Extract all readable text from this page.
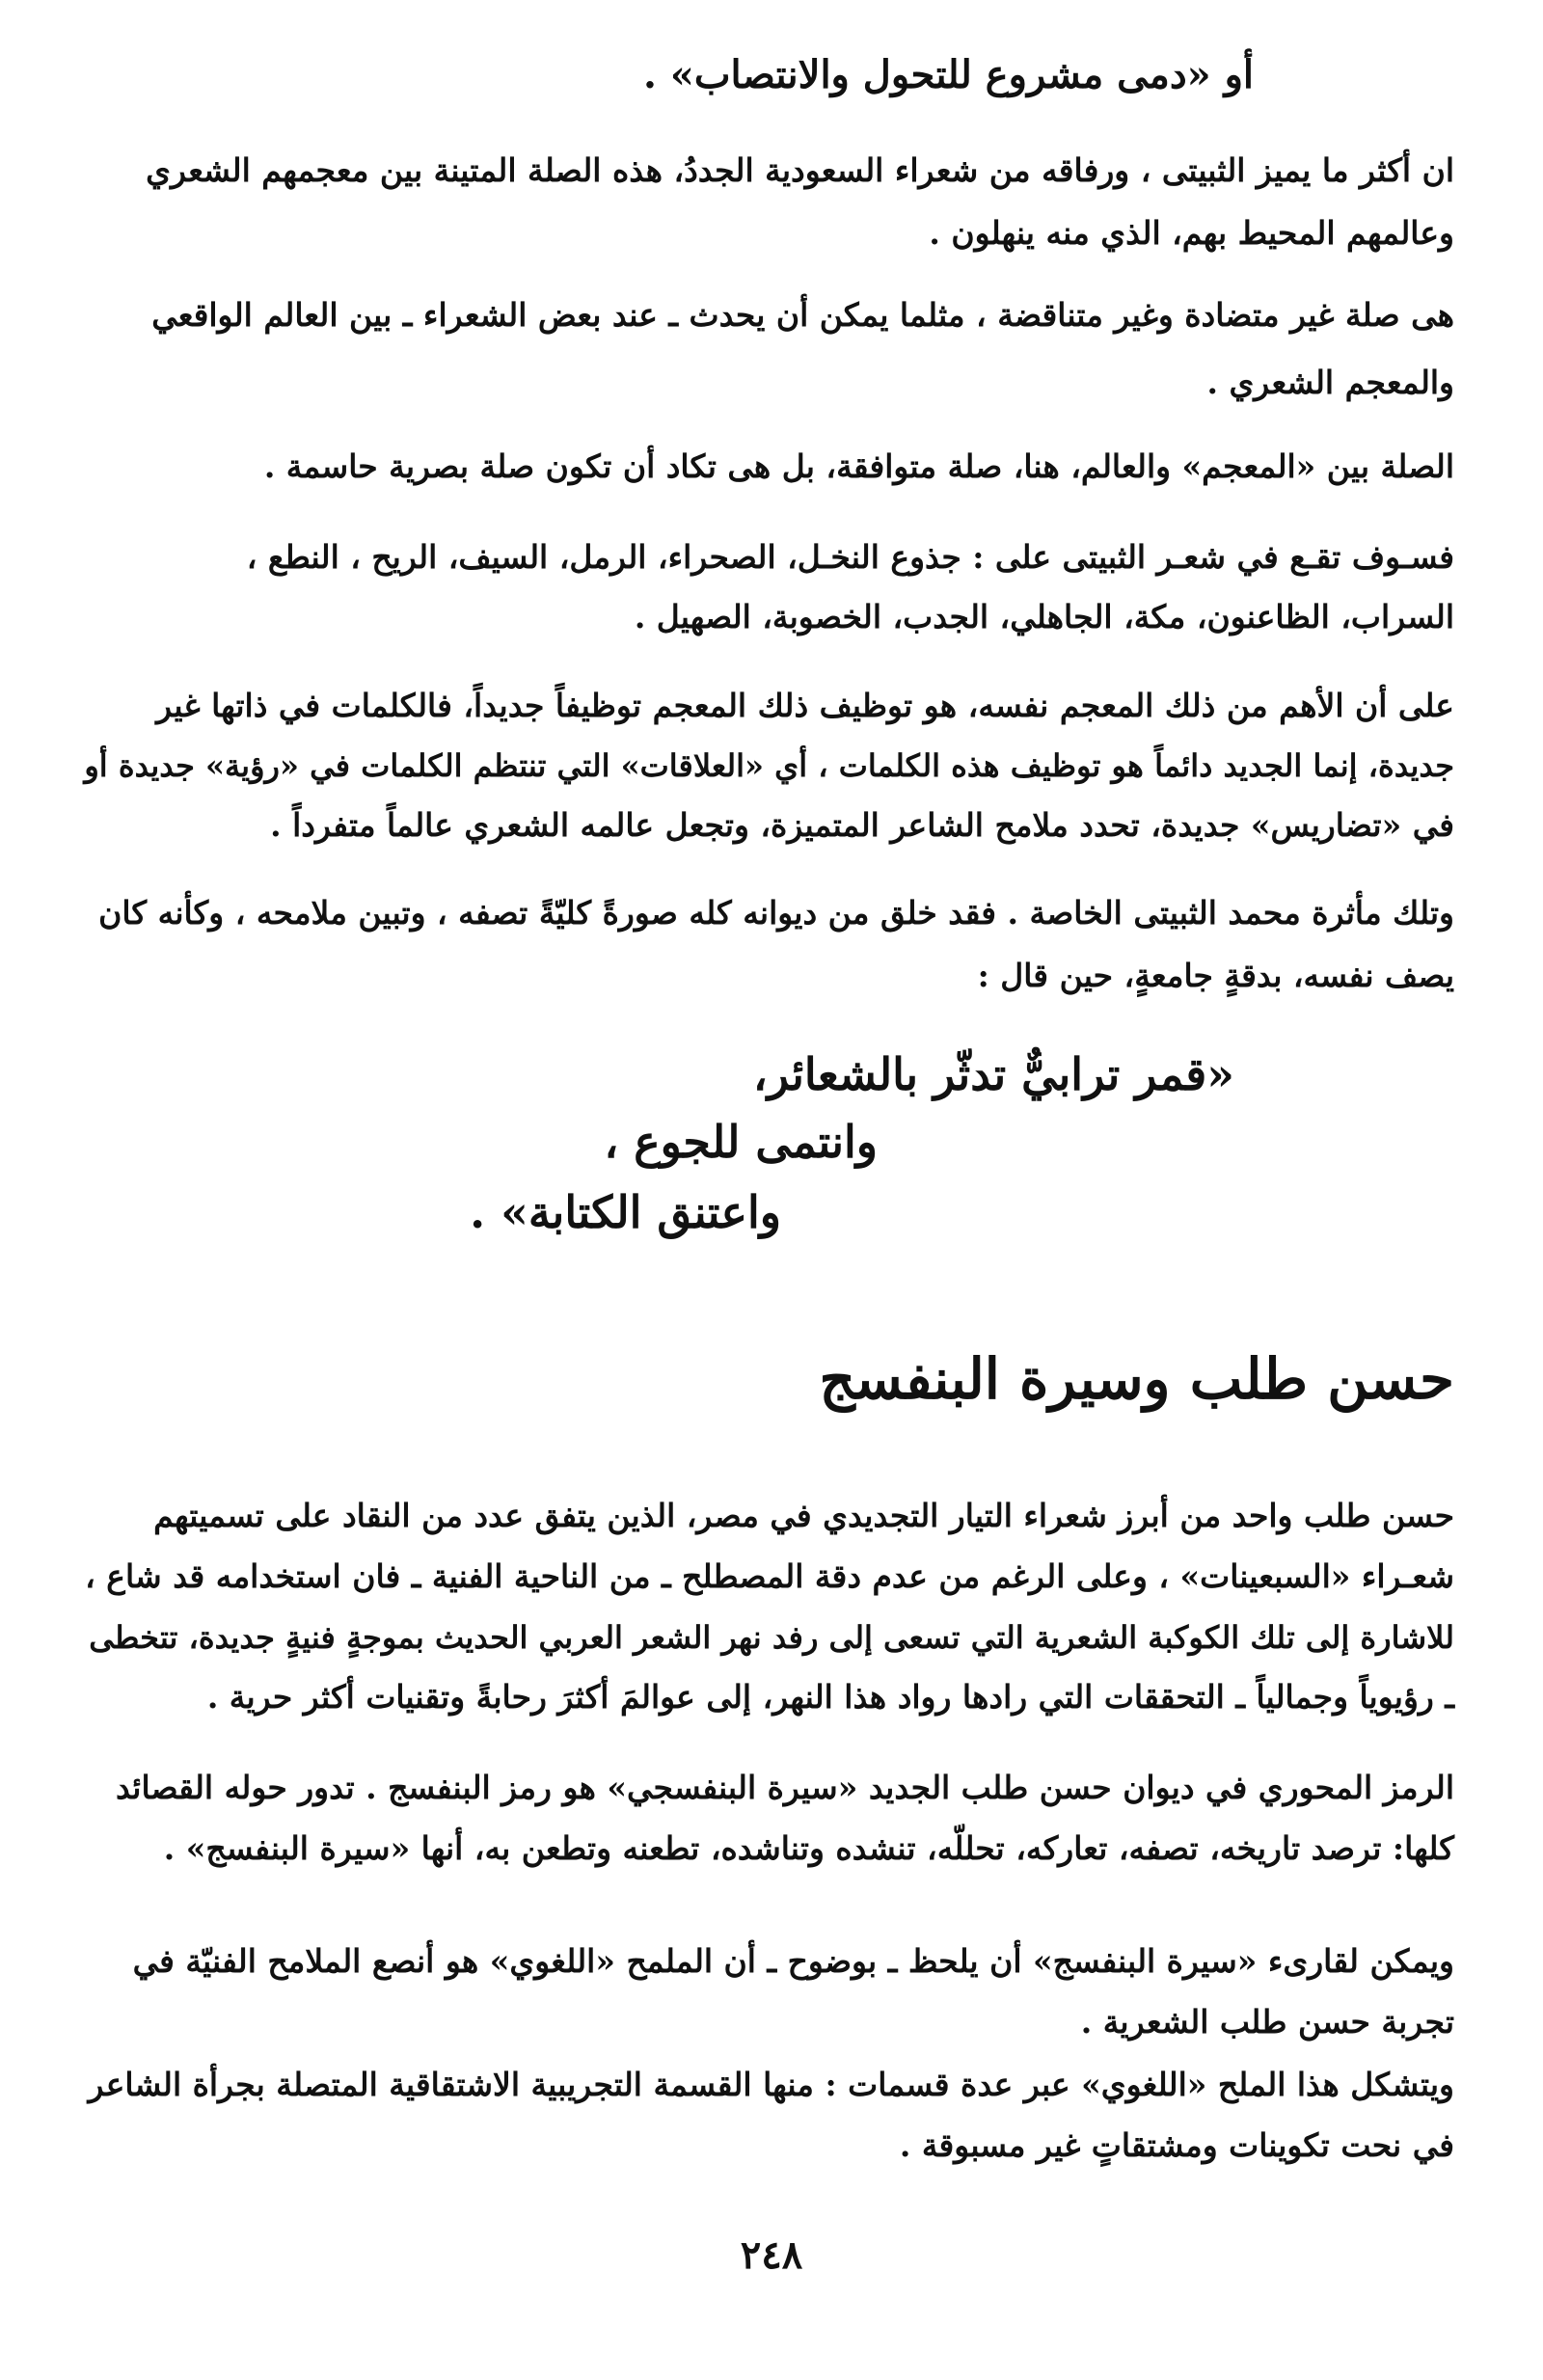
أو «دمى مشروع للتحول والانتصاب» .
ان أكثر ما يميز الثبيتى ، ورفاقه من شعراء السعودية الجددُ، هذه الصلة المتينة بين معجمهم الشعري
وعالمهم المحيط بهم، الذي منه ينهلون .
هى صلة غير متضادة وغير متناقضة ، مثلما يمكن أن يحدث ـ عند بعض الشعراء ـ بين العالم الواقعي
والمعجم الشعري .
الصلة بين «المعجم» والعالم، هنا، صلة متوافقة، بل هى تكاد أن تكون صلة بصرية حاسمة .
فسـوف تقـع في شعـر الثبيتى على : جذوع النخـل، الصحراء، الرمل، السيف، الريح ، النطع ،
السراب، الظاعنون، مكة، الجاهلي، الجدب، الخصوبة، الصهيل .
على أن الأهم من ذلك المعجم نفسه، هو توظيف ذلك المعجم توظيفاً جديداً، فالكلمات في ذاتها غير
جديدة، إنما الجديد دائماً هو توظيف هذه الكلمات ، أي «العلاقات» التي تنتظم الكلمات في «رؤية» جديدة أو
في «تضاريس» جديدة، تحدد ملامح الشاعر المتميزة، وتجعل عالمه الشعري عالماً متفرداً .
وتلك مأثرة محمد الثبيتى الخاصة . فقد خلق من ديوانه كله صورةً كليّةً تصفه ، وتبين ملامحه ، وكأنه كان
يصف نفسه، بدقةٍ جامعةٍ، حين قال :
«قمر ترابيٌّ تدثّر بالشعائر،
وانتمى للجوع ،
واعتنق الكتابة» .
حسن طلب وسيرة البنفسج
حسن طلب واحد من أبرز شعراء التيار التجديدي في مصر، الذين يتفق عدد من النقاد على تسميتهم
شعـراء «السبعينات» ، وعلى الرغم من عدم دقة المصطلح ـ من الناحية الفنية ـ فان استخدامه قد شاع ،
للاشارة إلى تلك الكوكبة الشعرية التي تسعى إلى رفد نهر الشعر العربي الحديث بموجةٍ فنيةٍ جديدة، تتخطى
ـ رؤيوياً وجمالياً ـ التحققات التي رادها رواد هذا النهر، إلى عوالمَ أكثرَ رحابةً وتقنيات أكثر حرية .
الرمز المحوري في ديوان حسن طلب الجديد «سيرة البنفسجي» هو رمز البنفسج . تدور حوله القصائد
كلها: ترصد تاريخه، تصفه، تعاركه، تحللّه، تنشده وتناشده، تطعنه وتطعن به، أنها «سيرة البنفسج» .
ويمكن لقارىء «سيرة البنفسج» أن يلحظ ـ بوضوح ـ أن الملمح «اللغوي» هو أنصع الملامح الفنيّة في
تجربة حسن طلب الشعرية .
ويتشكل هذا الملح «اللغوي» عبر عدة قسمات : منها القسمة التجريبية الاشتقاقية المتصلة بجرأة الشاعر
في نحت تكوينات ومشتقاتٍ غير مسبوقة .
٢٤٨
